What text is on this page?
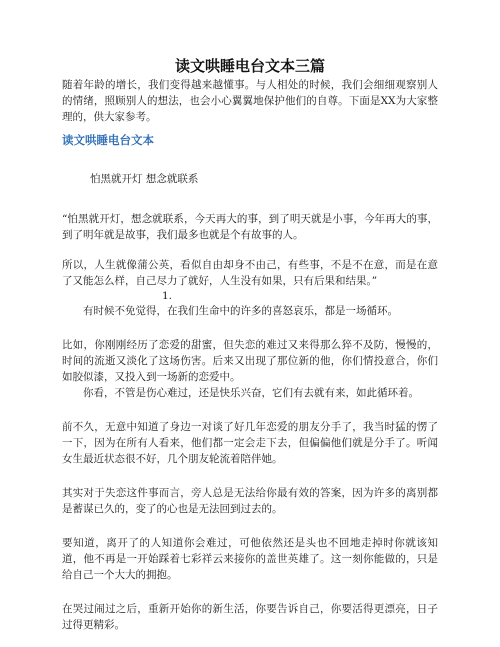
读文哄睡电台文本三篇

随着年龄的增长，我们变得越来越懂事。与人相处的时候，我们会细细观察别人的情绪，照顾别人的想法，也会小心翼翼地保护他们的自尊。下面是XX为大家整理的，供大家参考。

读文哄睡电台文本

怕黑就开灯 想念就联系

“怕黑就开灯，想念就联系，今天再大的事，到了明天就是小事，今年再大的事，到了明年就是故事，我们最多也就是个有故事的人。

所以，人生就像蒲公英，看似自由却身不由己，有些事，不是不在意，而是在意了又能怎么样，自己尽力了就好，人生没有如果，只有后果和结果。”

1.

有时候不免觉得，在我们生命中的许多的喜怒哀乐，都是一场循环。

比如，你刚刚经历了恋爱的甜蜜，但失恋的难过又来得那么猝不及防，慢慢的，时间的流逝又淡化了这场伤害。后来又出现了那位新的他，你们情投意合，你们如胶似漆，又投入到一场新的恋爱中。

你看，不管是伤心难过，还是快乐兴奋，它们有去就有来，如此循环着。

前不久，无意中知道了身边一对谈了好几年恋爱的朋友分手了，我当时猛的愣了一下，因为在所有人看来，他们都一定会走下去，但偏偏他们就是分手了。听闻女生最近状态很不好，几个朋友轮流着陪伴她。

其实对于失恋这件事而言，旁人总是无法给你最有效的答案，因为许多的离别都是蓄谋已久的，变了的心也是无法回到过去的。

要知道，离开了的人知道你会难过，可他依然还是头也不回地走掉时你就该知道，他不再是一开始踩着七彩祥云来接你的盖世英雄了。这一刻你能做的，只是给自己一个大大的拥抱。

在哭过闹过之后，重新开始你的新生活，你要告诉自己，你要活得更漂亮，日子过得更精彩。
